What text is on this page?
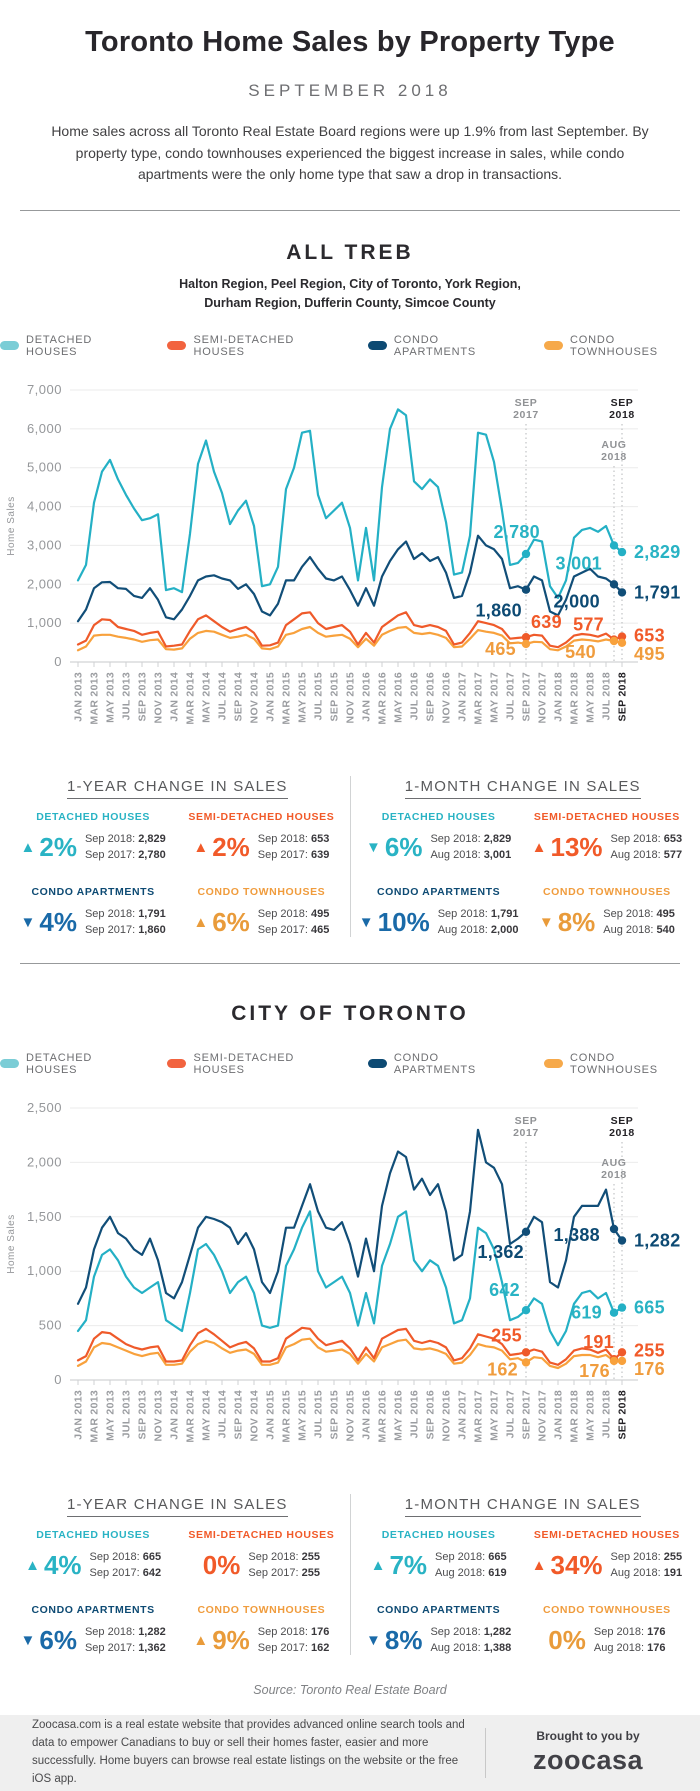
Toronto Home Sales by Property Type
SEPTEMBER 2018

Home sales across all Toronto Real Estate Board regions were up 1.9% from last September. By property type, condo townhouses experienced the biggest increase in sales, while condo apartments were the only home type that saw a drop in transactions.

ALL TREB

Halton Region, Peel Region, City of Toronto, York Region,
Durham Region, Dufferin County, Simcoe County

DETACHED HOUSES
SEMI-DETACHED HOUSES
CONDO APARTMENTS
CONDO TOWNHOUSES
0
1,000
2,000
3,000
4,000
5,000
6,000
7,000
Home Sales
JAN 2013 MAR 2013 MAY 2013 JUL 2013 SEP 2013 NOV 2013 JAN 2014 MAR 2014 MAY 2014 JUL 2014 SEP 2014 NOV 2014 JAN 2015 MAR 2015 MAY 2015 JUL 2015 SEP 2015 NOV 2015 JAN 2016 MAR 2016 MAY 2016 JUL 2016 SEP 2016 NOV 2016 JAN 2017 MAR 2017 MAY 2017 JUL 2017 SEP 2017 NOV 2017 JAN 2018 MAR 2018 MAY 2018 JUL 2018 SEP 2018
SEP 2017
AUG 2018
SEP 2018
2,780
3,001
1,860 2,000
639 577
465	540
2,829
1,791
653
495
1-YEAR CHANGE IN SALES
DETACHED HOUSES
▲ 2% Sep 2018: 2,829
Sep 2017: 2,780
SEMI-DETACHED HOUSES
▲ 2% Sep 2018: 653
Sep 2017: 639
CONDO APARTMENTS
▼ 4% Sep 2018: 1,791
Sep 2017: 1,860
CONDO TOWNHOUSES
▲ 6% Sep 2018: 495
Sep 2017: 465
1-MONTH CHANGE IN SALES
DETACHED HOUSES
▼ 6% Sep 2018: 2,829
Aug 2018: 3,001
SEMI-DETACHED HOUSES
▲ 13% Sep 2018: 653
Aug 2018: 577
CONDO APARTMENTS
▼ 10% Sep 2018: 1,791
Aug 2018: 2,000
CONDO TOWNHOUSES
▼ 8% Sep 2018: 495
Aug 2018: 540
CITY OF TORONTO
DETACHED HOUSES
SEMI-DETACHED HOUSES
CONDO APARTMENTS
CONDO TOWNHOUSES
0
500
1,000
1,500
2,000
2,500
Home Sales
JAN 2013 MAR 2013 MAY 2013 JUL 2013 SEP 2013 NOV 2013 JAN 2014 MAR 2014 MAY 2014 JUL 2014 SEP 2014 NOV 2014 JAN 2015 MAR 2015 MAY 2015 JUL 2015 SEP 2015 NOV 2015 JAN 2016 MAR 2016 MAY 2016 JUL 2016 SEP 2016 NOV 2016 JAN 2017 MAR 2017 MAY 2017 JUL 2017 SEP 2017 NOV 2017 JAN 2018 MAR 2018 MAY 2018 JUL 2018 SEP 2018
SEP 2017
AUG 2018
SEP 2018
1,362
1,388
642
619
255	191
162	176
1,282
665
255
176
1-YEAR CHANGE IN SALES
DETACHED HOUSES
▲ 4% Sep 2018: 665
Sep 2017: 642
SEMI-DETACHED HOUSES
0% Sep 2018: 255
Sep 2017: 255
CONDO APARTMENTS
▼ 6% Sep 2018: 1,282
Sep 2017: 1,362
CONDO TOWNHOUSES
▲ 9% Sep 2018: 176
Sep 2017: 162
1-MONTH CHANGE IN SALES
DETACHED HOUSES
▲ 7% Sep 2018: 665
Aug 2018: 619
SEMI-DETACHED HOUSES
▲ 34% Sep 2018: 255
Aug 2018: 191
CONDO APARTMENTS
▼ 8% Sep 2018: 1,282
Aug 2018: 1,388
CONDO TOWNHOUSES
0% Sep 2018: 176
Aug 2018: 176

Source: Toronto Real Estate Board

Zoocasa.com is a real estate website that provides advanced online search tools and data to empower Canadians to buy or sell their homes faster, easier and more successfully. Home buyers can browse real estate listings on the website or the free iOS app.
Brought to you by
zoocasa
